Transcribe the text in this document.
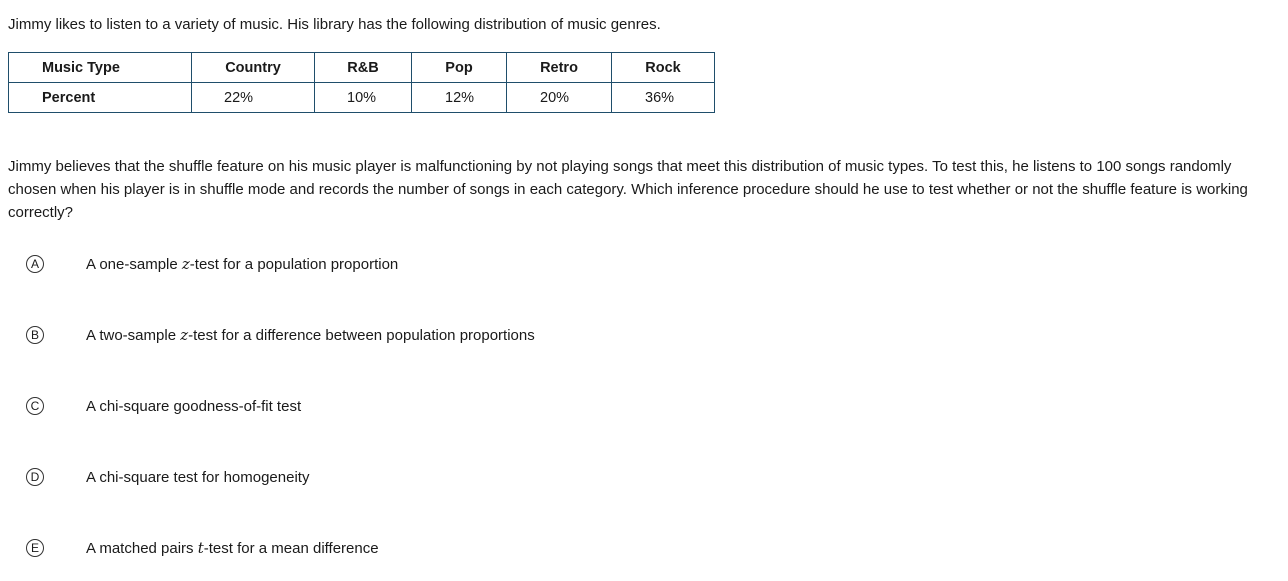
Jimmy likes to listen to a variety of music. His library has the following distribution of music genres.

Music Type	Country	R&B	Pop	Retro	Rock
Percent	22%	10%	12%	20%	36%

Jimmy believes that the shuffle feature on his music player is malfunctioning by not playing songs that meet this distribution of music types. To test this, he listens to 100 songs randomly chosen when his player is in shuffle mode and records the number of songs in each category. Which inference procedure should he use to test whether or not the shuffle feature is working correctly?

A	A one-sample z-test for a population proportion
B	A two-sample z-test for a difference between population proportions
C	A chi-square goodness-of-fit test
D	A chi-square test for homogeneity
E	A matched pairs t-test for a mean difference
